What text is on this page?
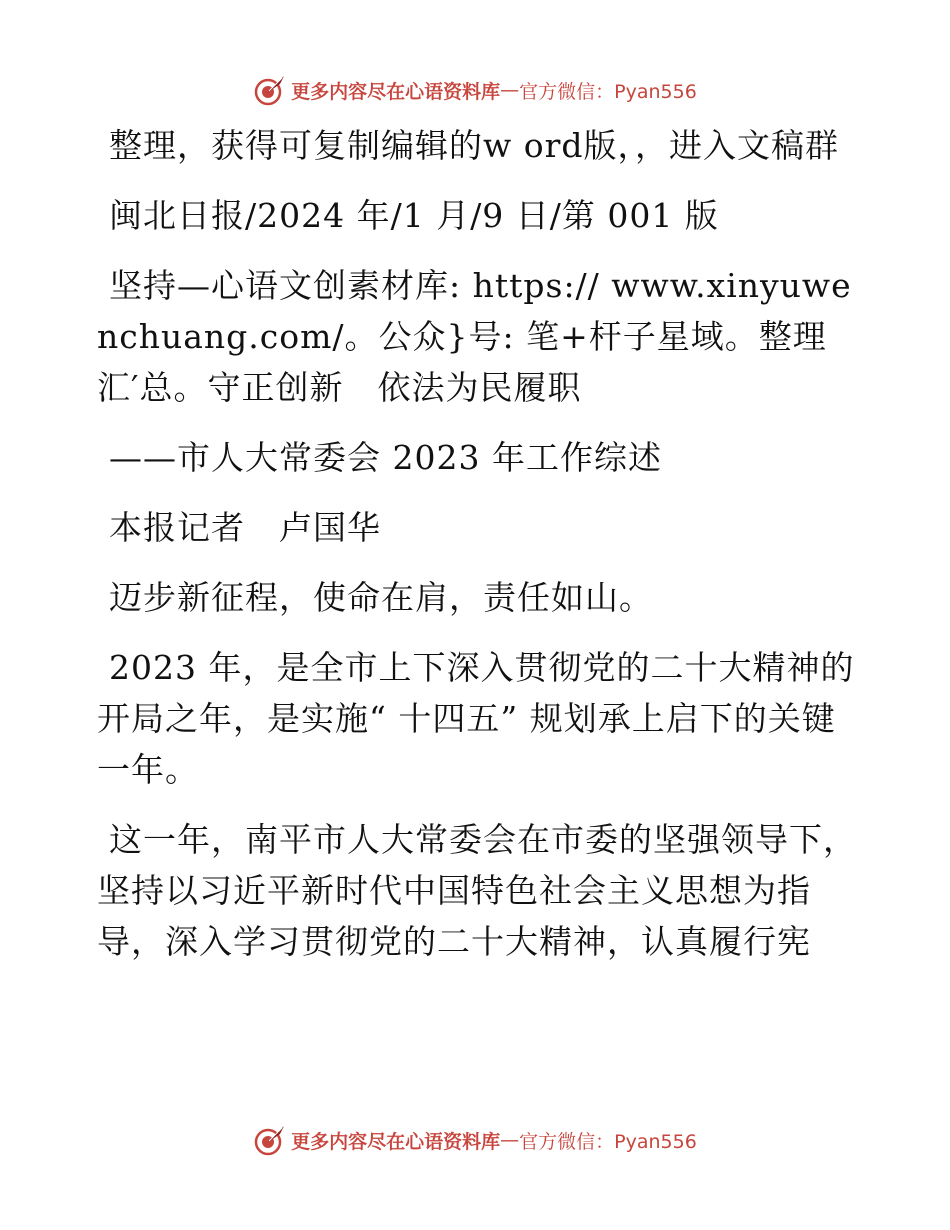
更多内容尽在心语资料库 — 官方微信：Pyan556

整理，获得可复制编辑的w ord版，，进入文稿群

闽北日报/2024 年/1 月/9 日/第 001 版

坚持—心语文创素材库: https:// www.xinyuwenchuang.com/。公众}号: 笔+杆子星域。整理汇′总。守正创新　依法为民履职

——市人大常委会 2023 年工作综述

本报记者　卢国华

迈步新征程，使命在肩，责任如山。

2023 年，是全市上下深入贯彻党的二十大精神的开局之年，是实施“ 十四五” 规划承上启下的关键一年。

这一年，南平市人大常委会在市委的坚强领导下，坚持以习近平新时代中国特色社会主义思想为指导，深入学习贯彻党的二十大精神，认真履行宪

更多内容尽在心语资料库 — 官方微信：Pyan556
